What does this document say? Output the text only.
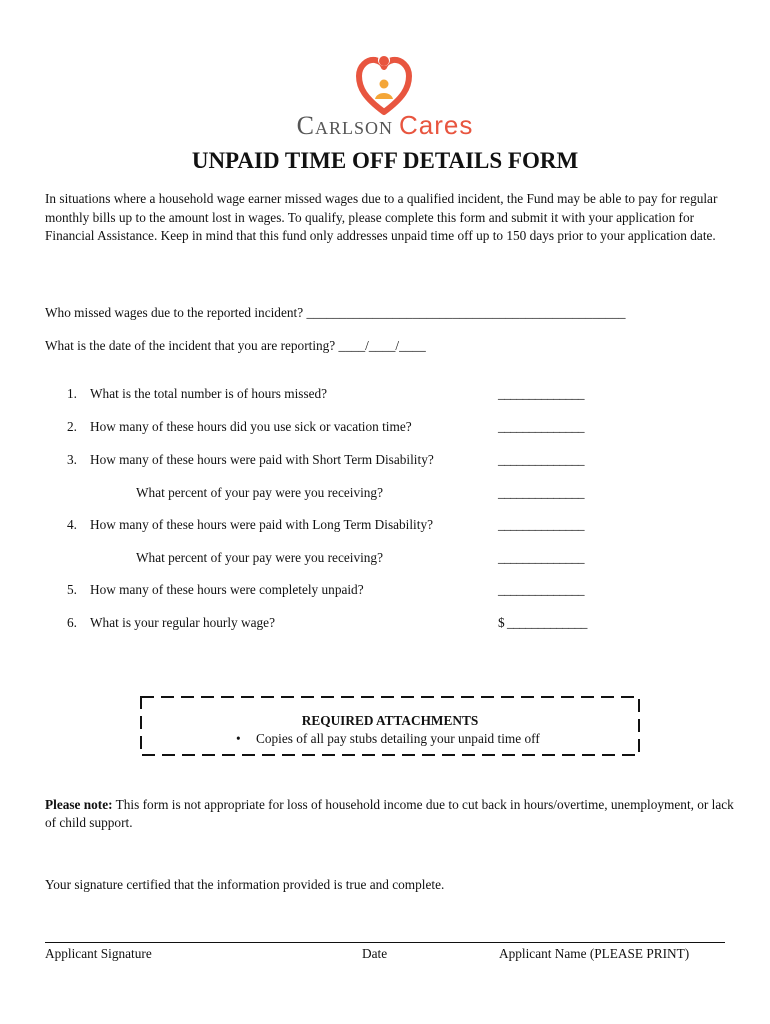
Carlson Cares
UNPAID TIME OFF DETAILS FORM
In situations where a household wage earner missed wages due to a qualified incident, the Fund may be able to pay for regular monthly bills up to the amount lost in wages. To qualify, please complete this form and submit it with your application for Financial Assistance. Keep in mind that this fund only addresses unpaid time off up to 150 days prior to your application date.
Who missed wages due to the reported incident? ________________________________________________
What is the date of the incident that you are reporting? ____/____/____
1. What is the total number is of hours missed?	______________
2. How many of these hours did you use sick or vacation time?	______________
3. How many of these hours were paid with Short Term Disability?	______________
What percent of your pay were you receiving?	______________
4. How many of these hours were paid with Long Term Disability?	______________
What percent of your pay were you receiving?	______________
5. How many of these hours were completely unpaid?	______________
6. What is your regular hourly wage?	$ _____________
REQUIRED ATTACHMENTS
• Copies of all pay stubs detailing your unpaid time off
Please note: This form is not appropriate for loss of household income due to cut back in hours/overtime, unemployment, or lack of child support.
Your signature certified that the information provided is true and complete.
Applicant Signature	Date	Applicant Name (PLEASE PRINT)
